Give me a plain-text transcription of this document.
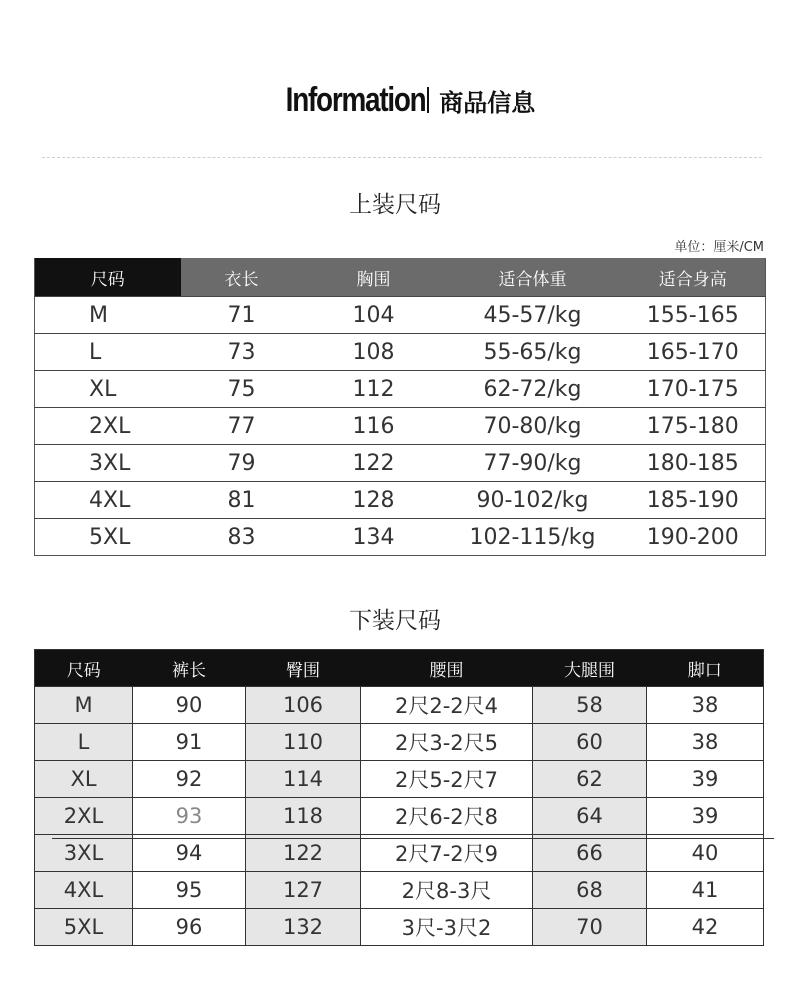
Information 商品信息
上装尺码
单位：厘米/CM
尺码	衣长	胸围	适合体重	适合身高
M	71	104	45-57/kg	155-165
L	73	108	55-65/kg	165-170
XL	75	112	62-72/kg	170-175
2XL	77	116	70-80/kg	175-180
3XL	79	122	77-90/kg	180-185
4XL	81	128	90-102/kg	185-190
5XL	83	134	102-115/kg	190-200
下装尺码
尺码	裤长	臀围	腰围	大腿围	脚口
M	90	106	2尺2-2尺4	58	38
L	91	110	2尺3-2尺5	60	38
XL	92	114	2尺5-2尺7	62	39
2XL	93	118	2尺6-2尺8	64	39
3XL	94	122	2尺7-2尺9	66	40
4XL	95	127	2尺8-3尺	68	41
5XL	96	132	3尺-3尺2	70	42
